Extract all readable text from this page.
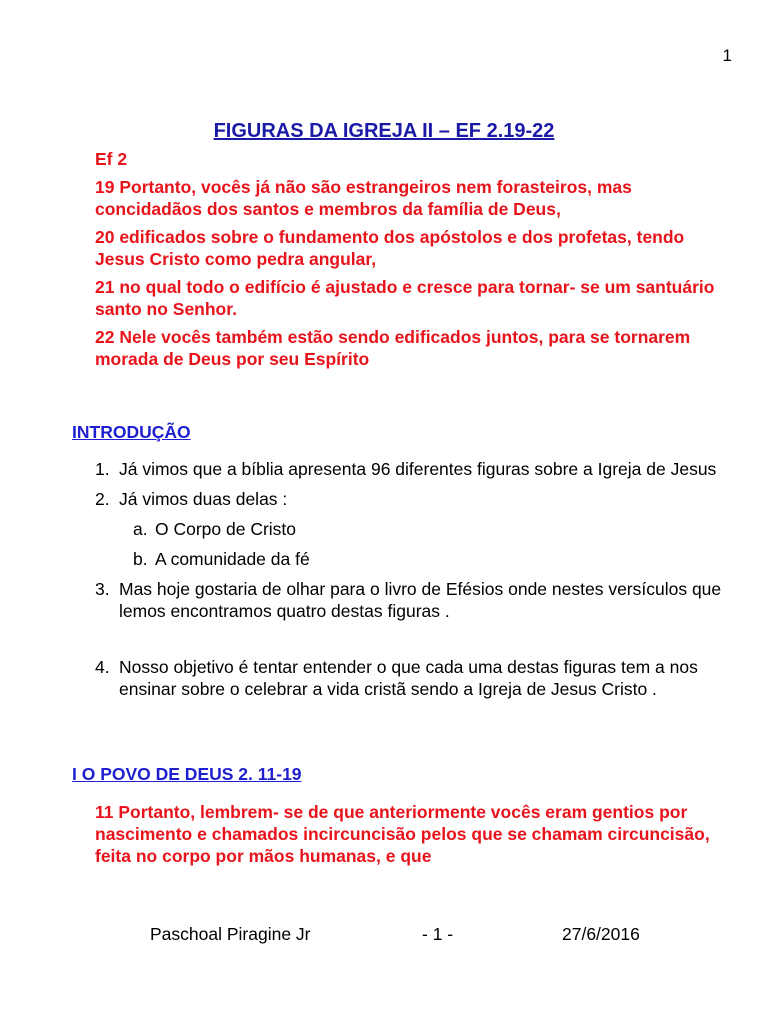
1
FIGURAS DA IGREJA II – EF 2.19-22

Ef 2

19 Portanto, vocês já não são estrangeiros nem forasteiros, mas concidadãos dos santos e membros da família de Deus,

20 edificados sobre o fundamento dos apóstolos e dos profetas, tendo Jesus Cristo como pedra angular,

21 no qual todo o edifício é ajustado e cresce para tornar- se um santuário santo no Senhor.

22 Nele vocês também estão sendo edificados juntos, para se tornarem morada de Deus por seu Espírito

INTRODUÇÃO
1. Já vimos que a bíblia apresenta 96 diferentes figuras sobre a Igreja de Jesus
2. Já vimos duas delas :
a. O Corpo de Cristo
b. A comunidade da fé
3. Mas hoje gostaria de olhar para o livro de Efésios onde nestes versículos que lemos encontramos quatro destas figuras .
4. Nosso objetivo é tentar entender o que cada uma destas figuras tem a nos ensinar sobre o celebrar a vida cristã sendo a Igreja de Jesus Cristo .
I O POVO DE DEUS 2. 11-19

11 Portanto, lembrem- se de que anteriormente vocês eram gentios por nascimento e chamados incircuncisão pelos que se chamam circuncisão, feita no corpo por mãos humanas, e que

Paschoal Piragine Jr	- 1 -	27/6/2016
